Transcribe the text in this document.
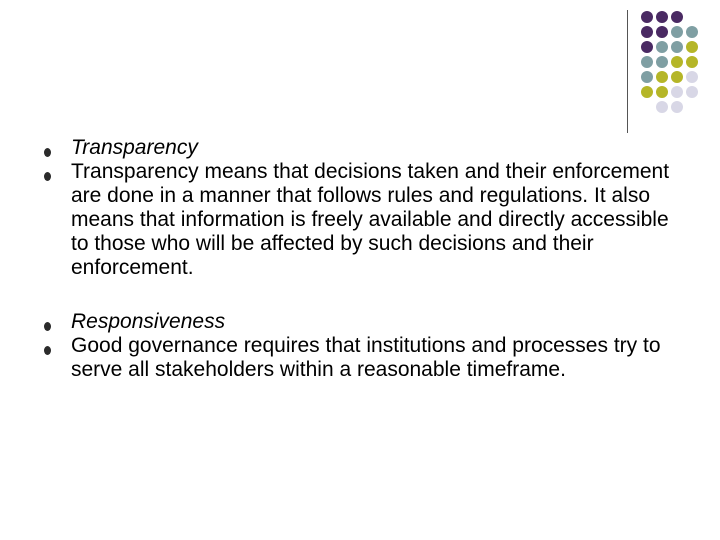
Transparency
Transparency means that decisions taken and their enforcement are done in a manner that follows rules and regulations. It also means that information is freely available and directly accessible to those who will be affected by such decisions and their enforcement.
Responsiveness
Good governance requires that institutions and processes try to serve all stakeholders within a reasonable timeframe.
